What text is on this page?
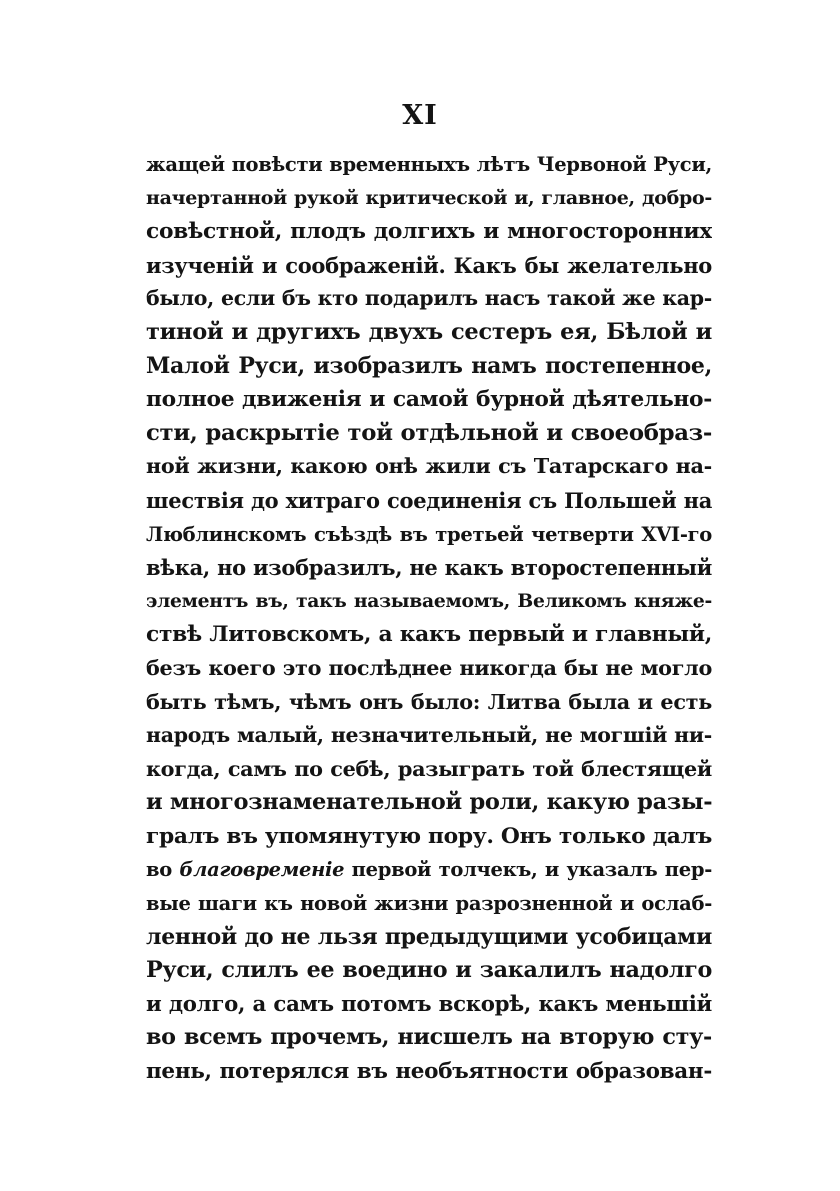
XI
жащей повѣсти временныхъ лѣтъ Червоной Руси,
начертанной рукой критической и, главное, добро-
совѣстной, плодъ долгихъ и многосторонних
изученій и соображеній. Какъ бы желательно
было, если бъ кто подарилъ насъ такой же кар-
тиной и другихъ двухъ сестеръ ея, Бѣлой и
Малой Руси, изобразилъ намъ постепенное,
полное движенія и самой бурной дѣятельно-
сти, раскрытіе той отдѣльной и своеобраз-
ной жизни, какою онѣ жили съ Татарскаго на-
шествія до хитраго соединенія съ Польшей на
Люблинскомъ съѣздѣ въ третьей четверти XVI-го
вѣка, но изобразилъ, не какъ второстепенный
элементъ въ, такъ называемомъ, Великомъ княже-
ствѣ Литовскомъ, а какъ первый и главный,
безъ коего это послѣднее никогда бы не могло
быть тѣмъ, чѣмъ онъ было: Литва была и есть
народъ малый, незначительный, не могшій ни-
когда, самъ по себѣ, разыграть той блестящей
и многознаменательной роли, какую разы-
гралъ въ упомянутую пору. Онъ только далъ
во благовременіе первой толчекъ, и указалъ пер-
вые шаги къ новой жизни разрозненной и ослаб-
ленной до не льзя предыдущими усобицами
Руси, слилъ ее воедино и закалилъ надолго
и долго, а самъ потомъ вскорѣ, какъ меньшій
во всемъ прочемъ, нисшелъ на вторую сту-
пень, потерялся въ необъятности образован-
